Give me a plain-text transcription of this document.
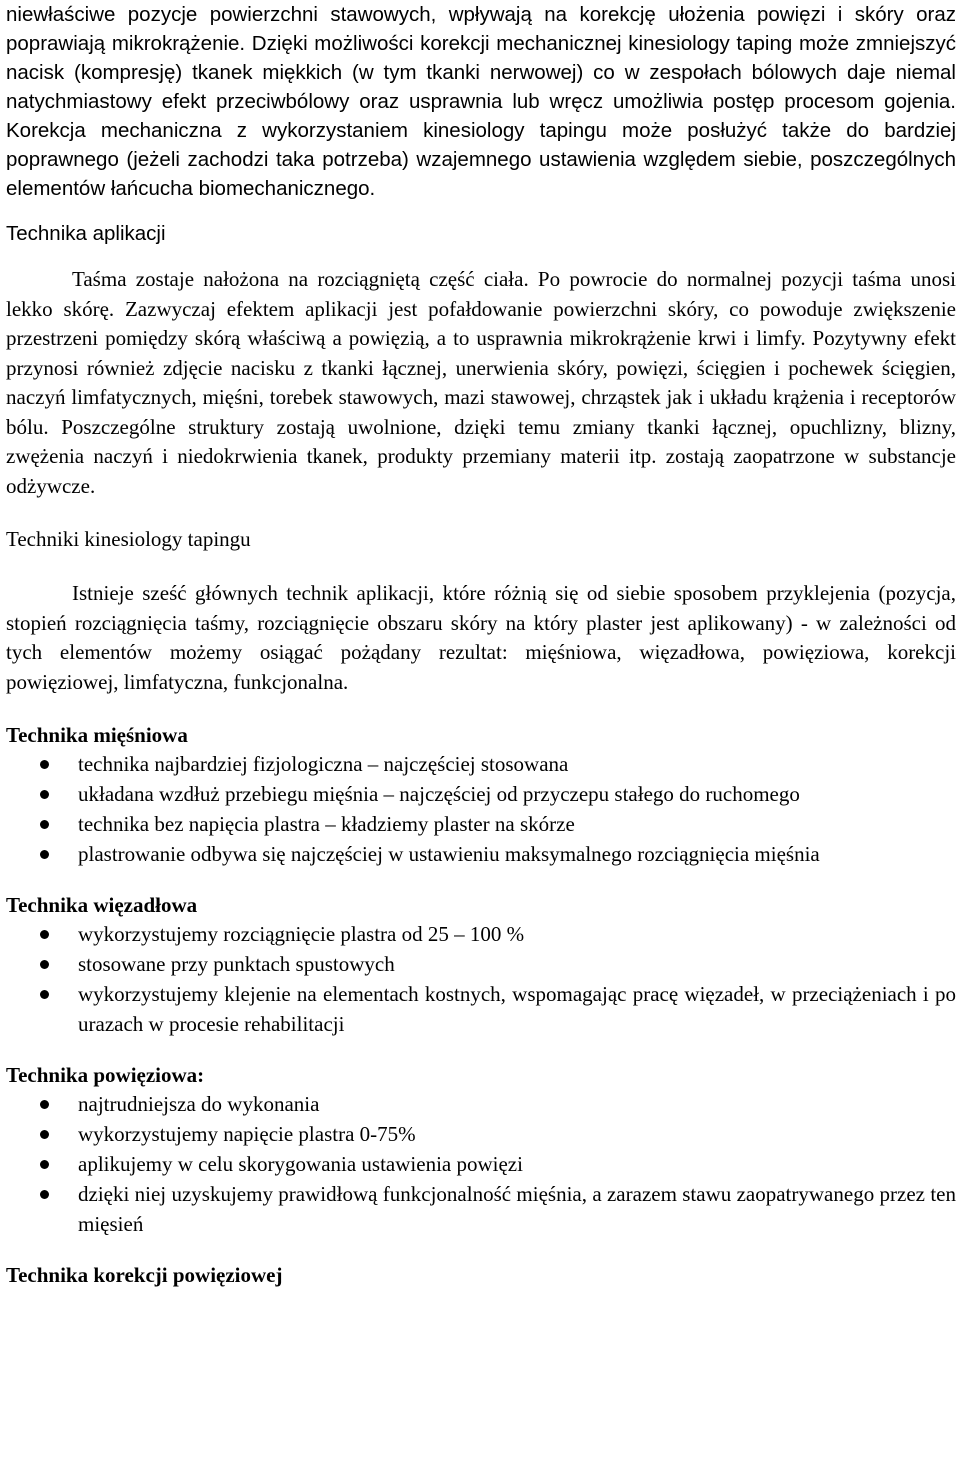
niewłaściwe pozycje powierzchni stawowych, wpływają na korekcję ułożenia powięzi i skóry oraz poprawiają mikrokrążenie. Dzięki możliwości korekcji mechanicznej kinesiology taping może zmniejszyć nacisk (kompresję) tkanek miękkich (w tym tkanki nerwowej) co w zespołach bólowych daje niemal natychmiastowy efekt przeciwbólowy oraz usprawnia lub wręcz umożliwia postęp procesom gojenia. Korekcja mechaniczna z wykorzystaniem kinesiology tapingu może posłużyć także do bardziej poprawnego (jeżeli zachodzi taka potrzeba) wzajemnego ustawienia względem siebie, poszczególnych elementów łańcucha biomechanicznego.

Technika aplikacji

Taśma zostaje nałożona na rozciągniętą część ciała. Po powrocie do normalnej pozycji taśma unosi lekko skórę. Zazwyczaj efektem aplikacji jest pofałdowanie powierzchni skóry, co powoduje zwiększenie przestrzeni pomiędzy skórą właściwą a powięzią, a to usprawnia mikrokrążenie krwi i limfy. Pozytywny efekt przynosi również zdjęcie nacisku z tkanki łącznej, unerwienia skóry, powięzi, ścięgien i pochewek ścięgien, naczyń limfatycznych, mięśni, torebek stawowych, mazi stawowej, chrząstek jak i układu krążenia i receptorów bólu. Poszczególne struktury zostają uwolnione, dzięki temu zmiany tkanki łącznej, opuchlizny, blizny, zwężenia naczyń i niedokrwienia tkanek, produkty przemiany materii itp. zostają zaopatrzone w substancje odżywcze.

Techniki kinesiology tapingu

Istnieje sześć głównych technik aplikacji, które różnią się od siebie sposobem przyklejenia (pozycja, stopień rozciągnięcia taśmy, rozciągnięcie obszaru skóry na który plaster jest aplikowany) - w zależności od tych elementów możemy osiągać pożądany rezultat: mięśniowa, więzadłowa, powięziowa, korekcji powięziowej, limfatyczna, funkcjonalna.

Technika mięśniowa
technika najbardziej fizjologiczna – najczęściej stosowana
układana wzdłuż przebiegu mięśnia – najczęściej od przyczepu stałego do ruchomego
technika bez napięcia plastra – kładziemy plaster na skórze
plastrowanie odbywa się najczęściej w ustawieniu maksymalnego rozciągnięcia mięśnia
Technika więzadłowa
wykorzystujemy rozciągnięcie plastra od 25 – 100 %
stosowane przy punktach spustowych
wykorzystujemy klejenie na elementach kostnych, wspomagając pracę więzadeł, w przeciążeniach i po urazach w procesie rehabilitacji
Technika powięziowa:
najtrudniejsza do wykonania
wykorzystujemy napięcie plastra 0-75%
aplikujemy w celu skorygowania ustawienia powięzi
dzięki niej uzyskujemy prawidłową funkcjonalność mięśnia, a zarazem stawu zaopatrywanego przez ten mięsień
Technika korekcji powięziowej
